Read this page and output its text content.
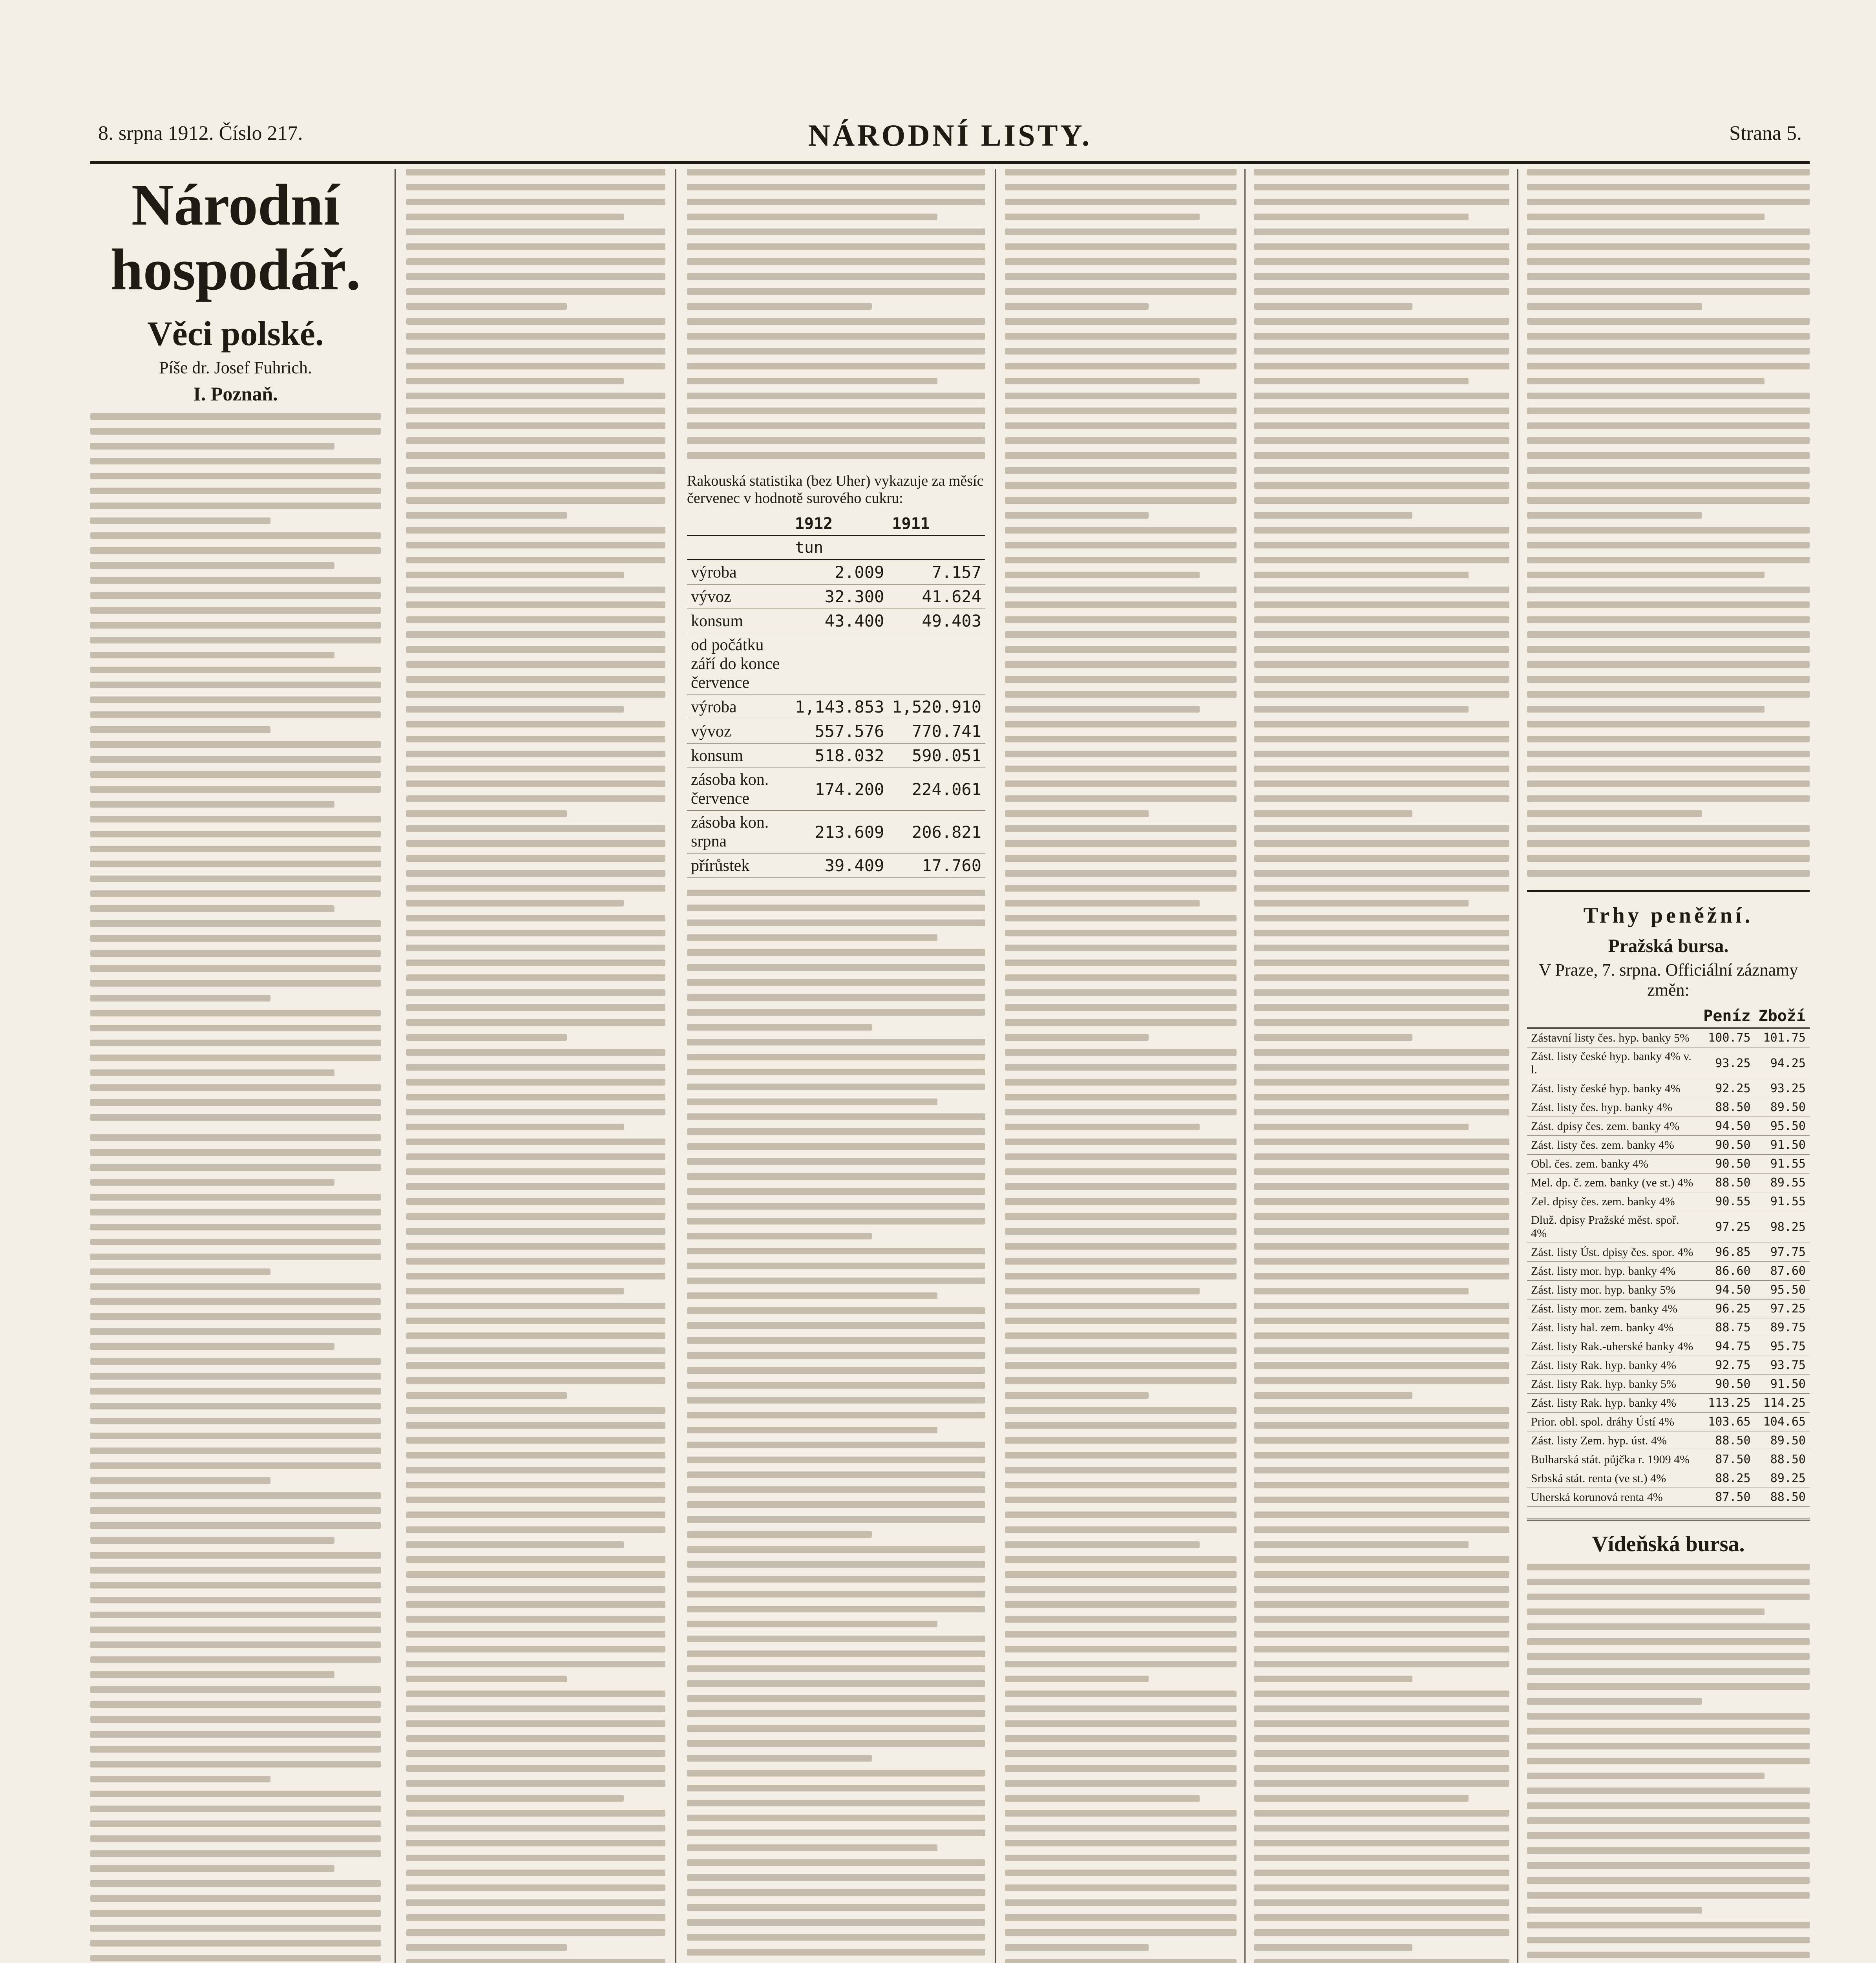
8. srpna 1912. Číslo 217.	NÁRODNÍ LISTY.	Strana 5.
Národní hospodář.
Věci polské.
Píše dr. Josef Fuhrich.
I. Poznaň.
Rakouská statistika (bez Uher) vykazuje za měsíc červenec v hodnotě surového cukru:
	1912	1911
	tun	
výroba	2.009	7.157
vývoz	32.300	41.624
konsum	43.400	49.403
od počátku září do konce července		
výroba	1,143.853	1,520.910
vývoz	557.576	770.741
konsum	518.032	590.051
zásoba kon. července	174.200	224.061
zásoba kon. srpna	213.609	206.821
přírůstek	39.409	17.760
Trhy peněžní.
Pražská bursa.
V Praze, 7. srpna. Officiální záznamy změn:
	Peníz	Zboží
Zástavní listy čes. hyp. banky 5%	100.75	101.75
Zást. listy české hyp. banky 4% v. l.	93.25	94.25
Zást. listy české hyp. banky 4%	92.25	93.25
Zást. listy čes. hyp. banky 4%	88.50	89.50
Zást. dpisy čes. zem. banky 4%	94.50	95.50
Zást. listy čes. zem. banky 4%	90.50	91.50
Obl. čes. zem. banky 4%	90.50	91.55
Mel. dp. č. zem. banky (ve st.) 4%	88.50	89.55
Zel. dpisy čes. zem. banky 4%	90.55	91.55
Dluž. dpisy Pražské měst. spoř. 4%	97.25	98.25
Zást. listy Úst. dpisy čes. spor. 4%	96.85	97.75
Zást. listy mor. hyp. banky 4%	86.60	87.60
Zást. listy mor. hyp. banky 5%	94.50	95.50
Zást. listy mor. zem. banky 4%	96.25	97.25
Zást. listy hal. zem. banky 4%	88.75	89.75
Zást. listy Rak.-uherské banky 4%	94.75	95.75
Zást. listy Rak. hyp. banky 4%	92.75	93.75
Zást. listy Rak. hyp. banky 5%	90.50	91.50
Zást. listy Rak. hyp. banky 4%	113.25	114.25
Prior. obl. spol. dráhy Ústí 4%	103.65	104.65
Zást. listy Zem. hyp. úst. 4%	88.50	89.50
Bulharská stát. půjčka r. 1909 4%	87.50	88.50
Srbská stát. renta (ve st.) 4%	88.25	89.25
Uherská korunová renta 4%	87.50	88.50
Vídeňská bursa.
